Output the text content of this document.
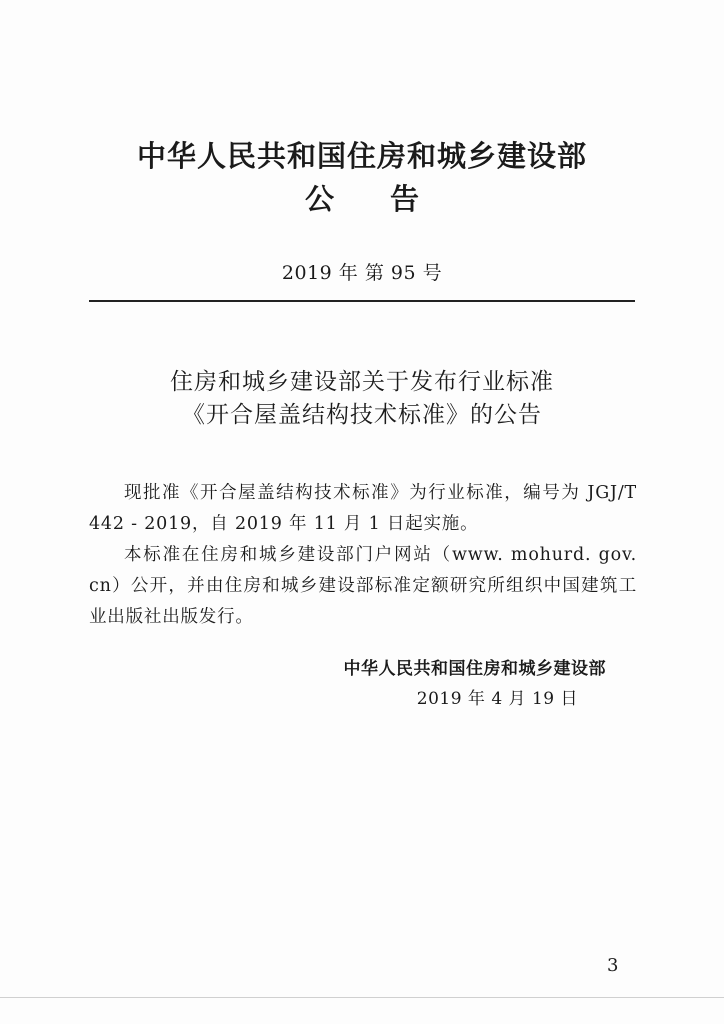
中华人民共和国住房和城乡建设部
公告
2019 年 第 95 号
住房和城乡建设部关于发布行业标准
《开合屋盖结构技术标准》的公告

现批准《开合屋盖结构技术标准》为行业标准，编号为 JGJ/T 442 - 2019，自 2019 年 11 月 1 日起实施。

本标准在住房和城乡建设部门户网站（www. mohurd. gov. cn）公开，并由住房和城乡建设部标准定额研究所组织中国建筑工业出版社出版发行。

中华人民共和国住房和城乡建设部
2019 年 4 月 19 日
3
